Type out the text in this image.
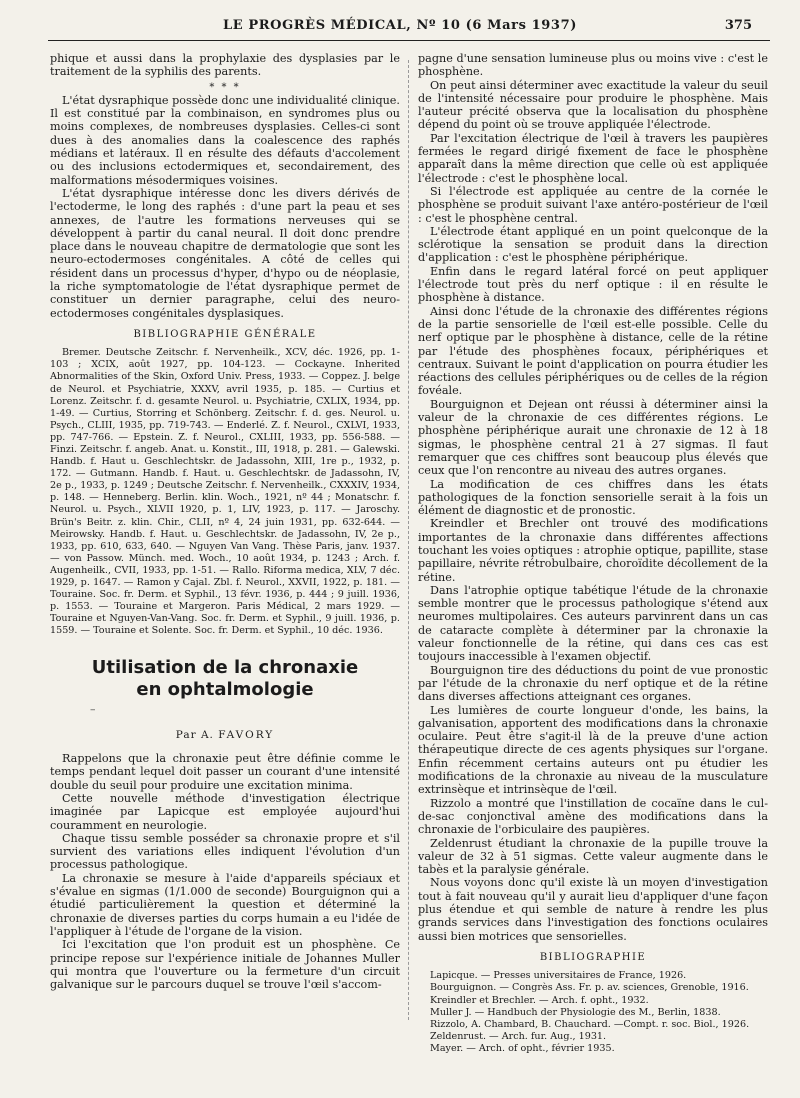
LE PROGRÈS MÉDICAL, Nº 10 (6 Mars 1937)	375

phique et aussi dans la prophylaxie des dysplasies par le traitement de la syphilis des parents.

* * *

L'état dysraphique possède donc une individualité clinique. Il est constitué par la combinaison, en syndromes plus ou moins complexes, de nombreuses dysplasies. Celles-ci sont dues à des anomalies dans la coalescence des raphés médians et latéraux. Il en résulte des défauts d'accolement ou des inclusions ectodermiques et, secondairement, des malformations mésodermiques voisines.

L'état dysraphique intéresse donc les divers dérivés de l'ectoderme, le long des raphés : d'une part la peau et ses annexes, de l'autre les formations nerveuses qui se développent à partir du canal neural. Il doit donc prendre place dans le nouveau chapitre de dermatologie que sont les neuro-ectodermoses congénitales. A côté de celles qui résident dans un processus d'hyper, d'hypo ou de néoplasie, la riche symptomatologie de l'état dysraphique permet de constituer un dernier paragraphe, celui des neuro-ectodermoses congénitales dysplasiques.

BIBLIOGRAPHIE GÉNÉRALE
Bremer. Deutsche Zeitschr. f. Nervenheilk., XCV, déc. 1926, pp. 1-103 ; XCIX, août 1927, pp. 104-123. — Cockayne. Inherited Abnormalities of the Skin, Oxford Univ. Press, 1933. — Coppez. J. belge de Neurol. et Psychiatrie, XXXV, avril 1935, p. 185. — Curtius et Lorenz. Zeitschr. f. d. gesamte Neurol. u. Psychiatrie, CXLIX, 1934, pp. 1-49. — Curtius, Storring et Schönberg. Zeitschr. f. d. ges. Neurol. u. Psych., CLIII, 1935, pp. 719-743. — Enderlé. Z. f. Neurol., CXLVI, 1933, pp. 747-766. — Epstein. Z. f. Neurol., CXLIII, 1933, pp. 556-588. — Finzi. Zeitschr. f. angeb. Anat. u. Konstit., III, 1918, p. 281. — Galewski. Handb. f. Haut u. Geschlechtskr. de Jadassohn, XIII, 1re p., 1932, p. 172. — Gutmann. Handb. f. Haut. u. Geschlechtskr. de Jadassohn, IV, 2e p., 1933, p. 1249 ; Deutsche Zeitschr. f. Nervenheilk., CXXXIV, 1934, p. 148. — Henneberg. Berlin. klin. Woch., 1921, nº 44 ; Monatschr. f. Neurol. u. Psych., XLVII 1920, p. 1, LIV, 1923, p. 117. — Jaroschy. Brün's Beitr. z. klin. Chir., CLII, nº 4, 24 juin 1931, pp. 632-644. — Meirowsky. Handb. f. Haut. u. Geschlechtskr. de Jadassohn, IV, 2e p., 1933, pp. 610, 633, 640. — Nguyen Van Vang. Thèse Paris, janv. 1937. — von Passow. Münch. med. Woch., 10 août 1934, p. 1243 ; Arch. f. Augenheilk., CVII, 1933, pp. 1-51. — Rallo. Riforma medica, XLV, 7 déc. 1929, p. 1647. — Ramon y Cajal. Zbl. f. Neurol., XXVII, 1922, p. 181. — Touraine. Soc. fr. Derm. et Syphil., 13 févr. 1936, p. 444 ; 9 juill. 1936, p. 1553. — Touraine et Margeron. Paris Médical, 2 mars 1929. — Touraine et Nguyen-Van-Vang. Soc. fr. Derm. et Syphil., 9 juill. 1936, p. 1559. — Touraine et Solente. Soc. fr. Derm. et Syphil., 10 déc. 1936.
Utilisation de la chronaxie
en ophtalmologie
–
Par A. FAVORY

Rappelons que la chronaxie peut être définie comme le temps pendant lequel doit passer un courant d'une intensité double du seuil pour produire une excitation minima.

Cette nouvelle méthode d'investigation électrique imaginée par Lapicque est employée aujourd'hui couramment en neurologie.

Chaque tissu semble posséder sa chronaxie propre et s'il survient des variations elles indiquent l'évolution d'un processus pathologique.

La chronaxie se mesure à l'aide d'appareils spéciaux et s'évalue en sigmas (1/1.000 de seconde) Bourguignon qui a étudié particulièrement la question et déterminé la chronaxie de diverses parties du corps humain a eu l'idée de l'appliquer à l'étude de l'organe de la vision.

Ici l'excitation que l'on produit est un phosphène. Ce principe repose sur l'expérience initiale de Johannes Muller qui montra que l'ouverture ou la fermeture d'un circuit galvanique sur le parcours duquel se trouve l'œil s'accom-

pagne d'une sensation lumineuse plus ou moins vive : c'est le phosphène.

On peut ainsi déterminer avec exactitude la valeur du seuil de l'intensité nécessaire pour produire le phosphène. Mais l'auteur précité observa que la localisation du phosphène dépend du point où se trouve appliquée l'électrode.

Par l'excitation électrique de l'œil à travers les paupières fermées le regard dirigé fixement de face le phosphène apparaît dans la même direction que celle où est appliquée l'électrode : c'est le phosphène local.

Si l'électrode est appliquée au centre de la cornée le phosphène se produit suivant l'axe antéro-postérieur de l'œil : c'est le phosphène central.

L'électrode étant appliqué en un point quelconque de la sclérotique la sensation se produit dans la direction d'application : c'est le phosphène périphérique.

Enfin dans le regard latéral forcé on peut appliquer l'électrode tout près du nerf optique : il en résulte le phosphène à distance.

Ainsi donc l'étude de la chronaxie des différentes régions de la partie sensorielle de l'œil est-elle possible. Celle du nerf optique par le phosphène à distance, celle de la rétine par l'étude des phosphènes focaux, périphériques et centraux. Suivant le point d'application on pourra étudier les réactions des cellules périphériques ou de celles de la région fovéale.

Bourguignon et Dejean ont réussi à déterminer ainsi la valeur de la chronaxie de ces différentes régions. Le phosphène périphérique aurait une chronaxie de 12 à 18 sigmas, le phosphène central 21 à 27 sigmas. Il faut remarquer que ces chiffres sont beaucoup plus élevés que ceux que l'on rencontre au niveau des autres organes.

La modification de ces chiffres dans les états pathologiques de la fonction sensorielle serait à la fois un élément de diagnostic et de pronostic.

Kreindler et Brechler ont trouvé des modifications importantes de la chronaxie dans différentes affections touchant les voies optiques : atrophie optique, papillite, stase papillaire, névrite rétrobulbaire, choroïdite décollement de la rétine.

Dans l'atrophie optique tabétique l'étude de la chronaxie semble montrer que le processus pathologique s'étend aux neuromes multipolaires. Ces auteurs parvinrent dans un cas de cataracte complète à déterminer par la chronaxie la valeur fonctionnelle de la rétine, qui dans ces cas est toujours inaccessible à l'examen objectif.

Bourguignon tire des déductions du point de vue pronostic par l'étude de la chronaxie du nerf optique et de la rétine dans diverses affections atteignant ces organes.

Les lumières de courte longueur d'onde, les bains, la galvanisation, apportent des modifications dans la chronaxie oculaire. Peut être s'agit-il là de la preuve d'une action thérapeutique directe de ces agents physiques sur l'organe. Enfin récemment certains auteurs ont pu étudier les modifications de la chronaxie au niveau de la musculature extrinsèque et intrinsèque de l'œil.

Rizzolo a montré que l'instillation de cocaïne dans le cul-de-sac conjonctival amène des modifications dans la chronaxie de l'orbiculaire des paupières.

Zeldenrust étudiant la chronaxie de la pupille trouve la valeur de 32 à 51 sigmas. Cette valeur augmente dans le tabès et la paralysie générale.

Nous voyons donc qu'il existe là un moyen d'investigation tout à fait nouveau qu'il y aurait lieu d'appliquer d'une façon plus étendue et qui semble de nature à rendre les plus grands services dans l'investigation des fonctions oculaires aussi bien motrices que sensorielles.

BIBLIOGRAPHIE
Lapicque. — Presses universitaires de France, 1926.
Bourguignon. — Congrès Ass. Fr. p. av. sciences, Grenoble, 1916.
Kreindler et Brechler. — Arch. f. opht., 1932.
Muller J. — Handbuch der Physiologie des M., Berlin, 1838.
Rizzolo, A. Chambard, B. Chauchard. —Compt. r. soc. Biol., 1926.
Zeldenrust. — Arch. fur. Aug., 1931.
Mayer. — Arch. of opht., février 1935.
